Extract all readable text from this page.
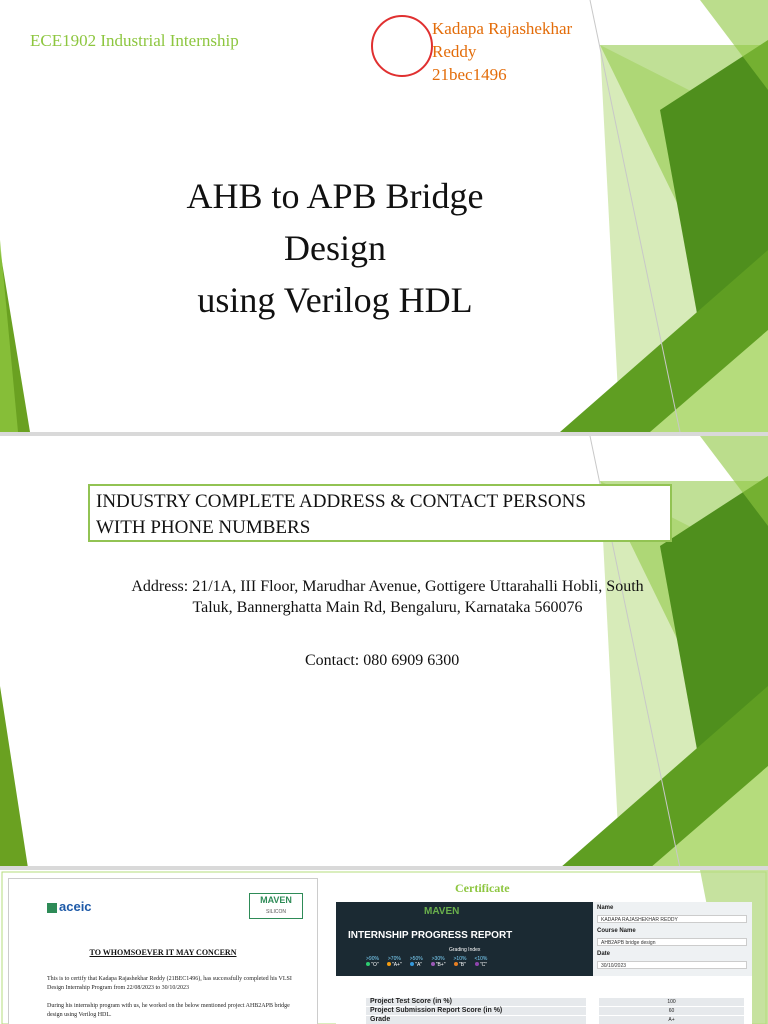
ECE1902 Industrial Internship
Kadapa Rajashekhar
Reddy
21bec1496
AHB to APB Bridge
Design
using Verilog HDL
INDUSTRY COMPLETE ADDRESS & CONTACT PERSONS
WITH PHONE NUMBERS
Address: 21/1A, III Floor, Marudhar Avenue, Gottigere Uttarahalli Hobli, South
Taluk, Bannerghatta Main Rd, Bengaluru, Karnataka 560076
Contact: 080 6909 6300
aceic	MAVEN
SILICON
TO WHOMSOEVER IT MAY CONCERN
This is to certify that Kadapa Rajashekhar Reddy (21BEC1496), has successfully completed his VLSI Design Internship Program from 22/08/2023 to 30/10/2023
During his internship program with us, he worked on the below mentioned project AHB2APB bridge design using Verilog HDL.
Certificate
MAVEN
INTERNSHIP PROGRESS REPORT
Grading Index
>90%
"O"
>70%
"A+"
>50%
"A"
>30%
"B+"
>10%
"B"
<10%
"C"
Name
KADAPA RAJASHEKHAR REDDY
Course Name
AHB2APB bridge design
Date
30/10/2023
Project Test Score (in %)	100
Project Submission Report Score (in %)	60
Grade	A+
